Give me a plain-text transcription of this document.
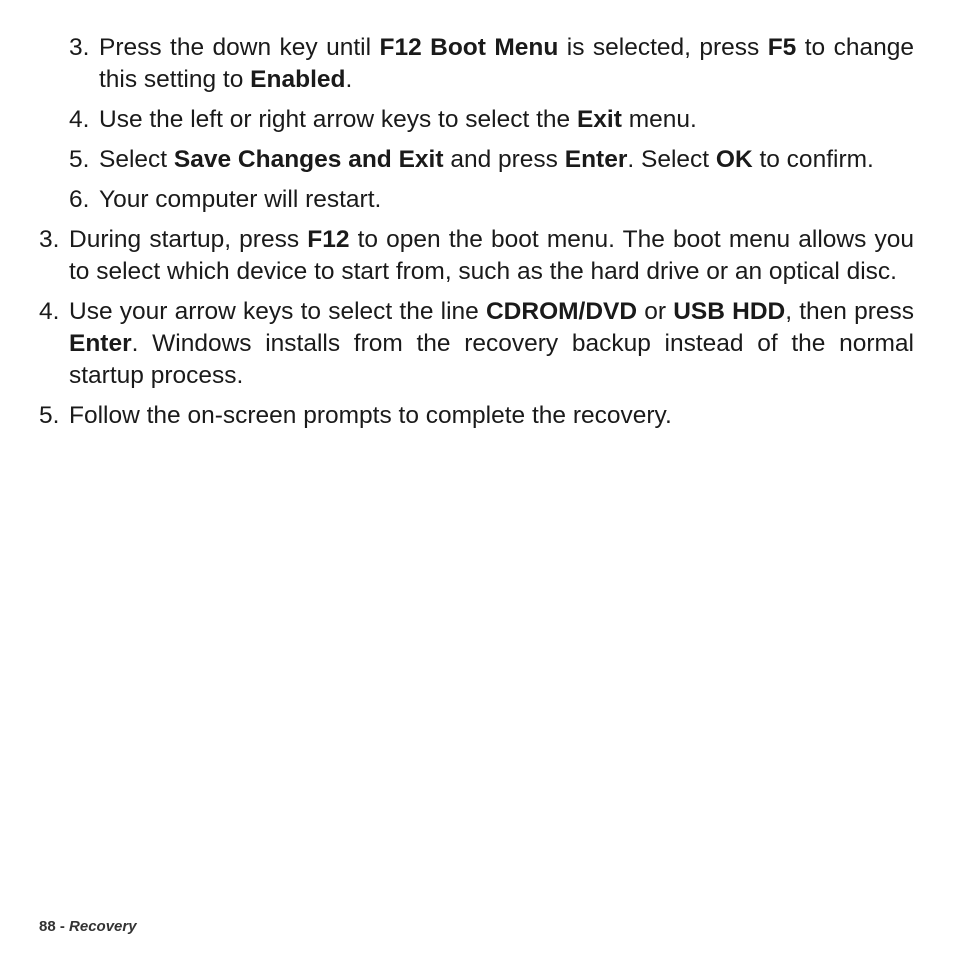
3. Press the down key until F12 Boot Menu is selected, press F5 to change this setting to Enabled.
4. Use the left or right arrow keys to select the Exit menu.
5. Select Save Changes and Exit and press Enter. Select OK to confirm.
6. Your computer will restart.
3. During startup, press F12 to open the boot menu. The boot menu allows you to select which device to start from, such as the hard drive or an optical disc.
4. Use your arrow keys to select the line CDROM/DVD or USB HDD, then press Enter. Windows installs from the recovery backup instead of the normal startup process.
5. Follow the on-screen prompts to complete the recovery.
88 - Recovery
